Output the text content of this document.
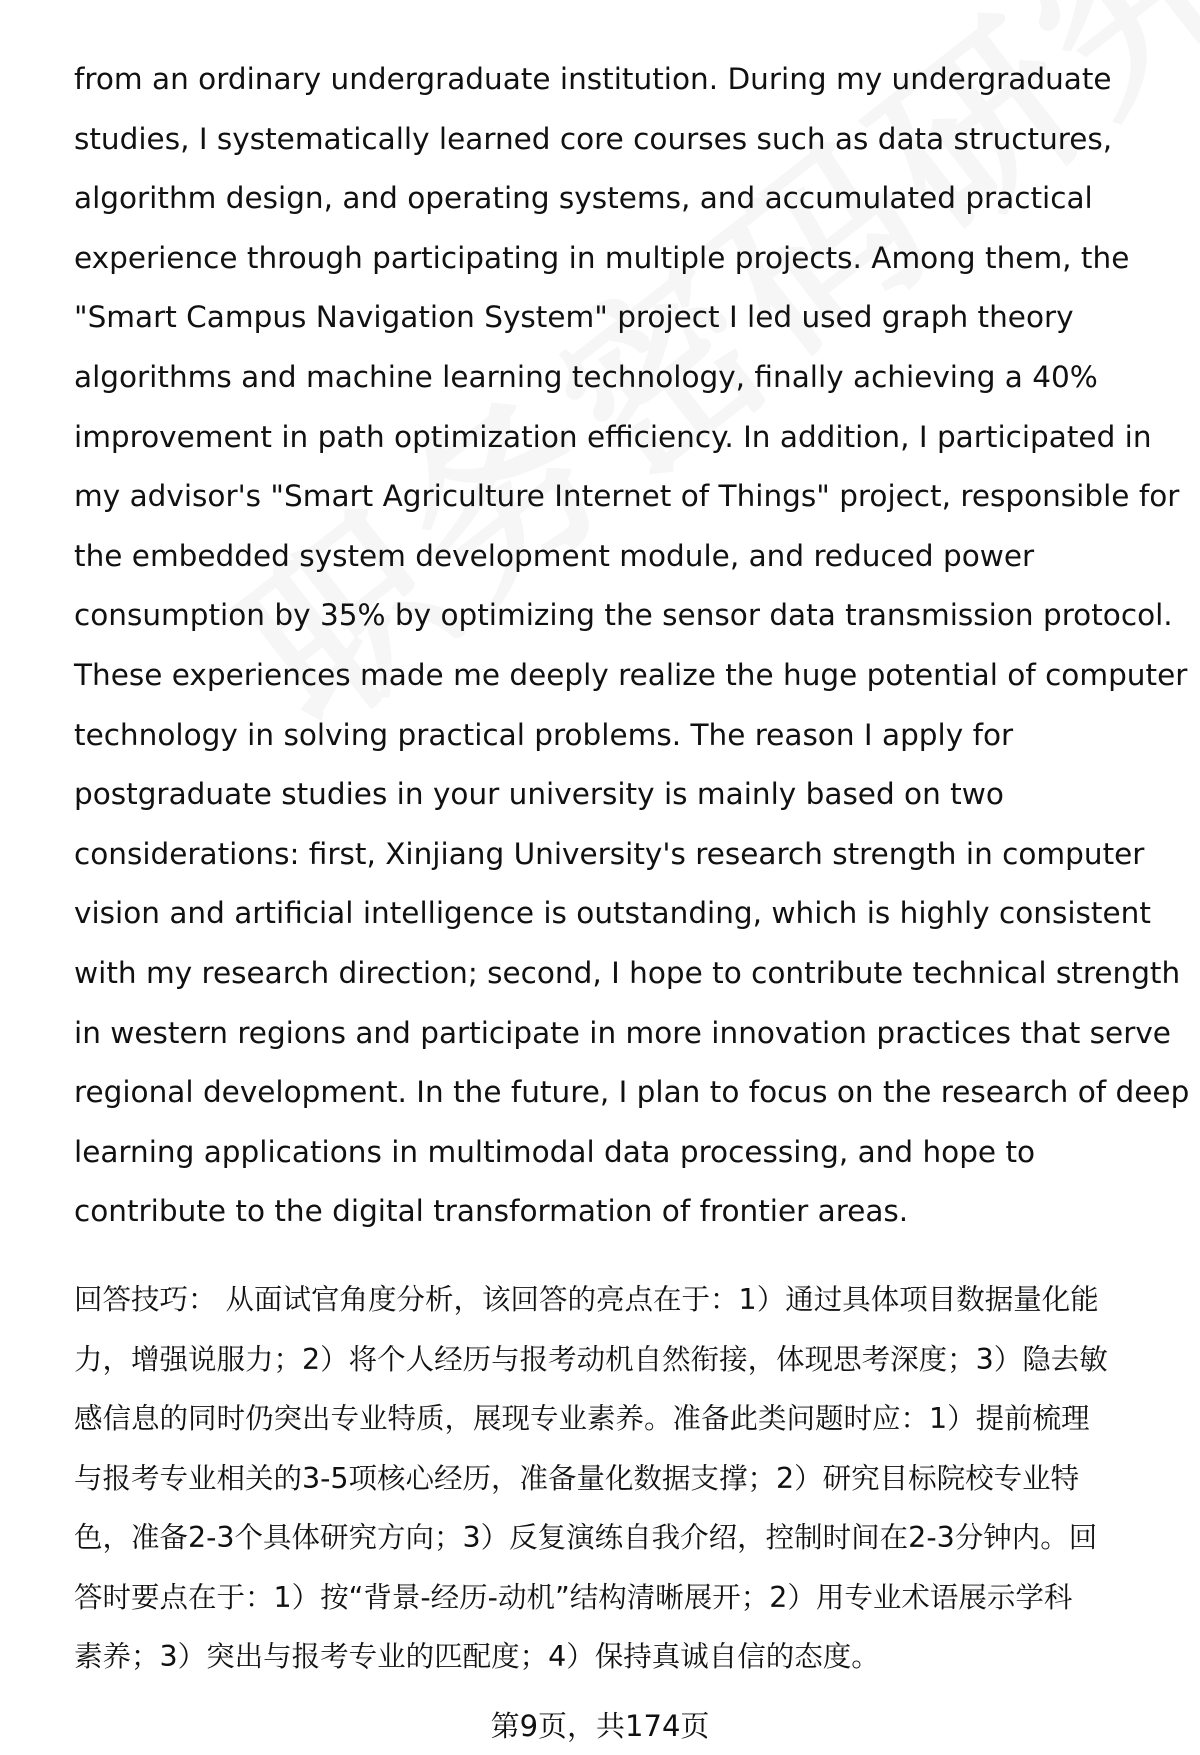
from an ordinary undergraduate institution. During my undergraduate
studies, I systematically learned core courses such as data structures,
algorithm design, and operating systems, and accumulated practical
experience through participating in multiple projects. Among them, the
"Smart Campus Navigation System" project I led used graph theory
algorithms and machine learning technology, finally achieving a 40%
improvement in path optimization efficiency. In addition, I participated in
my advisor's "Smart Agriculture Internet of Things" project, responsible for
the embedded system development module, and reduced power
consumption by 35% by optimizing the sensor data transmission protocol.
These experiences made me deeply realize the huge potential of computer
technology in solving practical problems. The reason I apply for
postgraduate studies in your university is mainly based on two
considerations: first, Xinjiang University's research strength in computer
vision and artificial intelligence is outstanding, which is highly consistent
with my research direction; second, I hope to contribute technical strength
in western regions and participate in more innovation practices that serve
regional development. In the future, I plan to focus on the research of deep
learning applications in multimodal data processing, and hope to
contribute to the digital transformation of frontier areas.
回答技巧： 从面试官角度分析，该回答的亮点在于：1）通过具体项目数据量化能
力，增强说服力；2）将个人经历与报考动机自然衔接，体现思考深度；3）隐去敏
感信息的同时仍突出专业特质，展现专业素养。准备此类问题时应：1）提前梳理
与报考专业相关的3-5项核心经历，准备量化数据支撑；2）研究目标院校专业特
色，准备2-3个具体研究方向；3）反复演练自我介绍，控制时间在2-3分钟内。回
答时要点在于：1）按“背景-经历-动机”结构清晰展开；2）用专业术语展示学科
素养；3）突出与报考专业的匹配度；4）保持真诚自信的态度。
第9页，共174页
